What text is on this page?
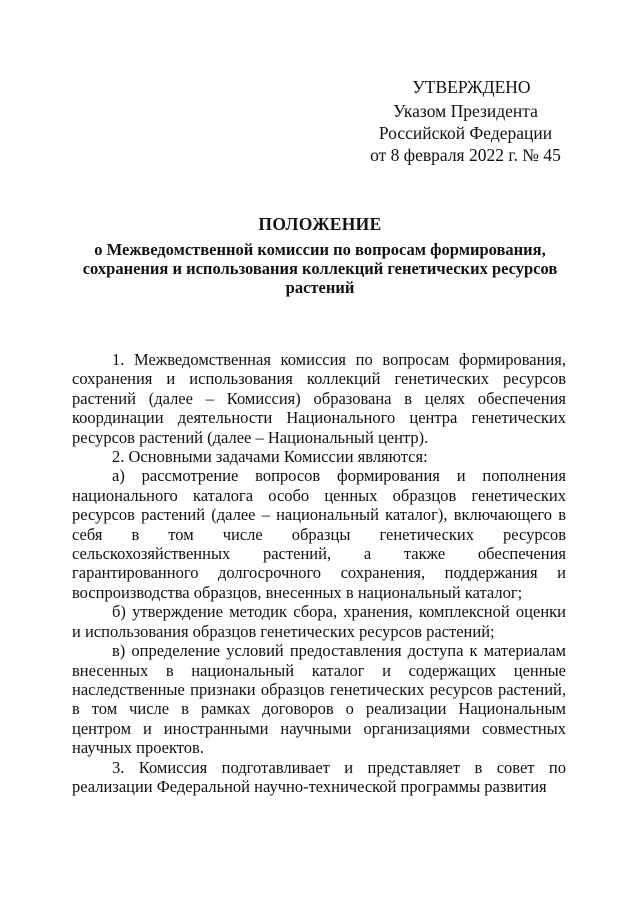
УТВЕРЖДЕНО
Указом Президента
Российской Федерации
от 8 февраля 2022 г. № 45
ПОЛОЖЕНИЕ
о Межведомственной комиссии по вопросам формирования,
сохранения и использования коллекций генетических ресурсов
растений

1. Межведомственная комиссия по вопросам формирования, сохранения и использования коллекций генетических ресурсов растений (далее – Комиссия) образована в целях обеспечения координации деятельности Национального центра генетических ресурсов растений (далее – Национальный центр).

2. Основными задачами Комиссии являются:

а) рассмотрение вопросов формирования и пополнения национального каталога особо ценных образцов генетических ресурсов растений (далее – национальный каталог), включающего в себя в том числе образцы генетических ресурсов сельскохозяйственных растений, а также обеспечения гарантированного долгосрочного сохранения, поддержания и воспроизводства образцов, внесенных в национальный каталог;

б) утверждение методик сбора, хранения, комплексной оценки и использования образцов генетических ресурсов растений;

в) определение условий предоставления доступа к материалам внесенных в национальный каталог и содержащих ценные наследственные признаки образцов генетических ресурсов растений, в том числе в рамках договоров о реализации Национальным центром и иностранными научными организациями совместных научных проектов.

3. Комиссия подготавливает и представляет в совет по реализации Федеральной научно-технической программы развития
